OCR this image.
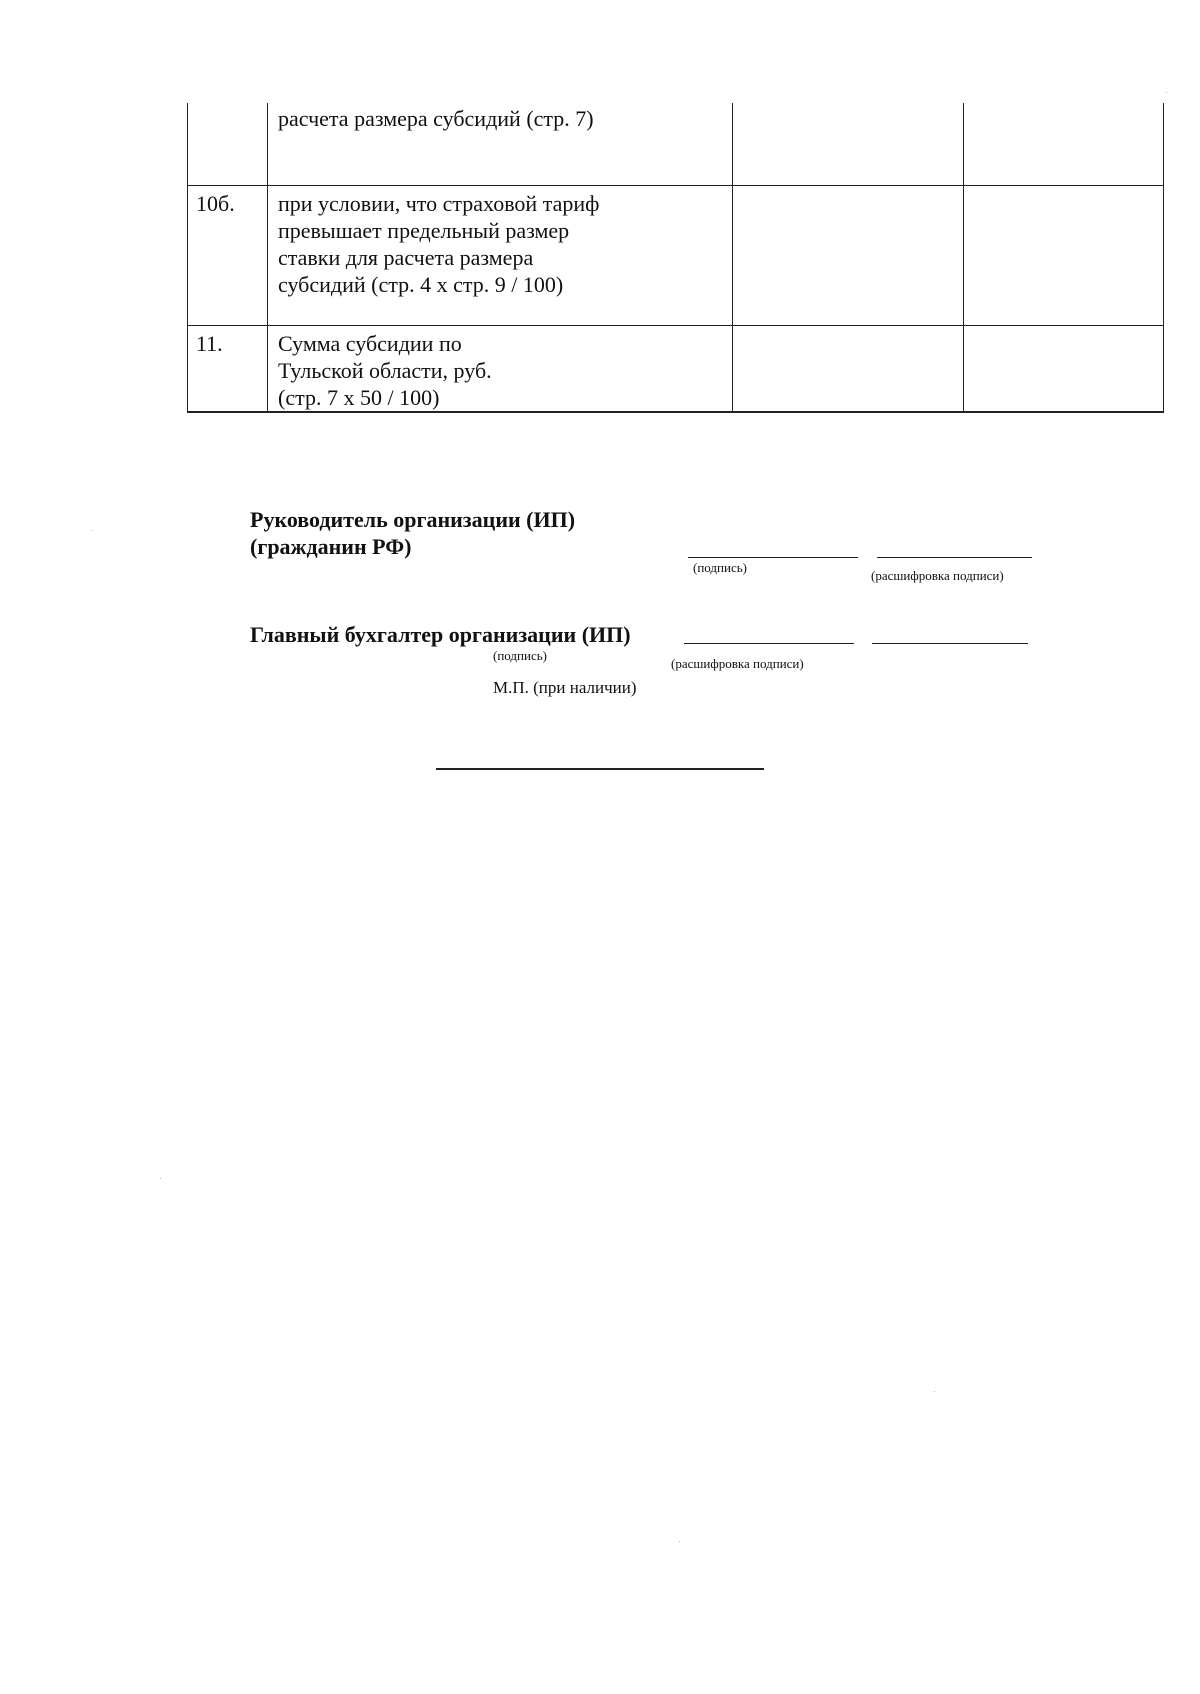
	расчета размера субсидий (стр. 7)		

10б.	при условии, что страховой тариф
превышает предельный размер
ставки для расчета размера
субсидий (стр. 4 x стр. 9 / 100)		

11.	Сумма субсидии по
Тульской области, руб.
(стр. 7 x 50 / 100)		

Руководитель организации (ИП)
(гражданин РФ)
(подпись)
(расшифровка подписи)
Главный бухгалтер организации (ИП)
(подпись)
(расшифровка подписи)
М.П. (при наличии)
